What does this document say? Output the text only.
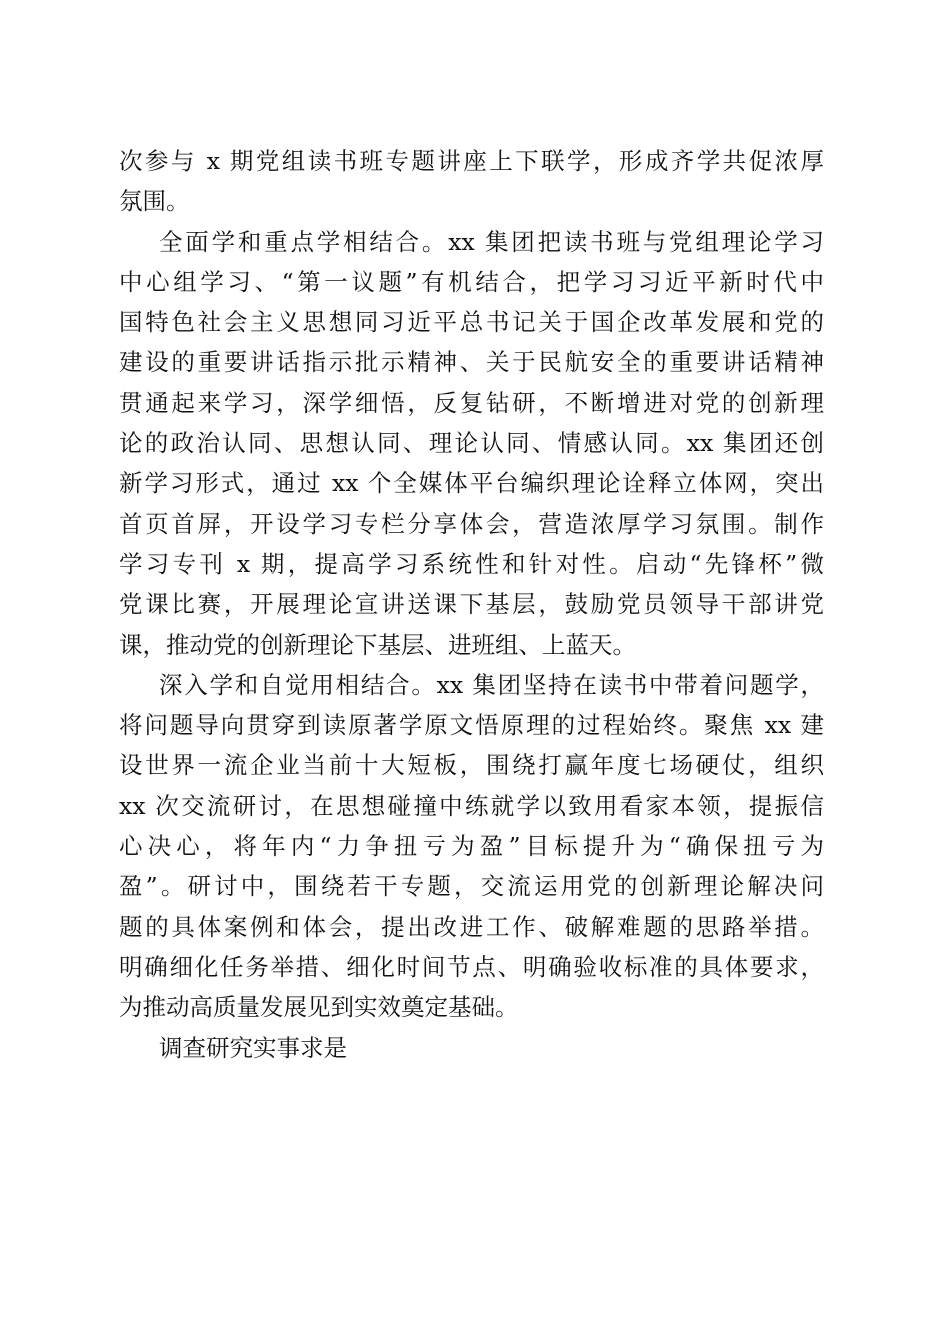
次参与 x 期党组读书班专题讲座上下联学，形成齐学共促浓厚
氛围。
全面学和重点学相结合。xx 集团把读书班与党组理论学习
中心组学习、“第一议题”有机结合，把学习习近平新时代中
国特色社会主义思想同习近平总书记关于国企改革发展和党的
建设的重要讲话指示批示精神、关于民航安全的重要讲话精神
贯通起来学习，深学细悟，反复钻研，不断增进对党的创新理
论的政治认同、思想认同、理论认同、情感认同。xx 集团还创
新学习形式，通过 xx 个全媒体平台编织理论诠释立体网，突出
首页首屏，开设学习专栏分享体会，营造浓厚学习氛围。制作
学习专刊 x 期，提高学习系统性和针对性。启动“先锋杯”微
党课比赛，开展理论宣讲送课下基层，鼓励党员领导干部讲党
课，推动党的创新理论下基层、进班组、上蓝天。
深入学和自觉用相结合。xx 集团坚持在读书中带着问题学，
将问题导向贯穿到读原著学原文悟原理的过程始终。聚焦 xx 建
设世界一流企业当前十大短板，围绕打赢年度七场硬仗，组织
xx 次交流研讨，在思想碰撞中练就学以致用看家本领，提振信
心决心，将年内“力争扭亏为盈”目标提升为“确保扭亏为
盈”。研讨中，围绕若干专题，交流运用党的创新理论解决问
题的具体案例和体会，提出改进工作、破解难题的思路举措。
明确细化任务举措、细化时间节点、明确验收标准的具体要求，
为推动高质量发展见到实效奠定基础。
调查研究实事求是
